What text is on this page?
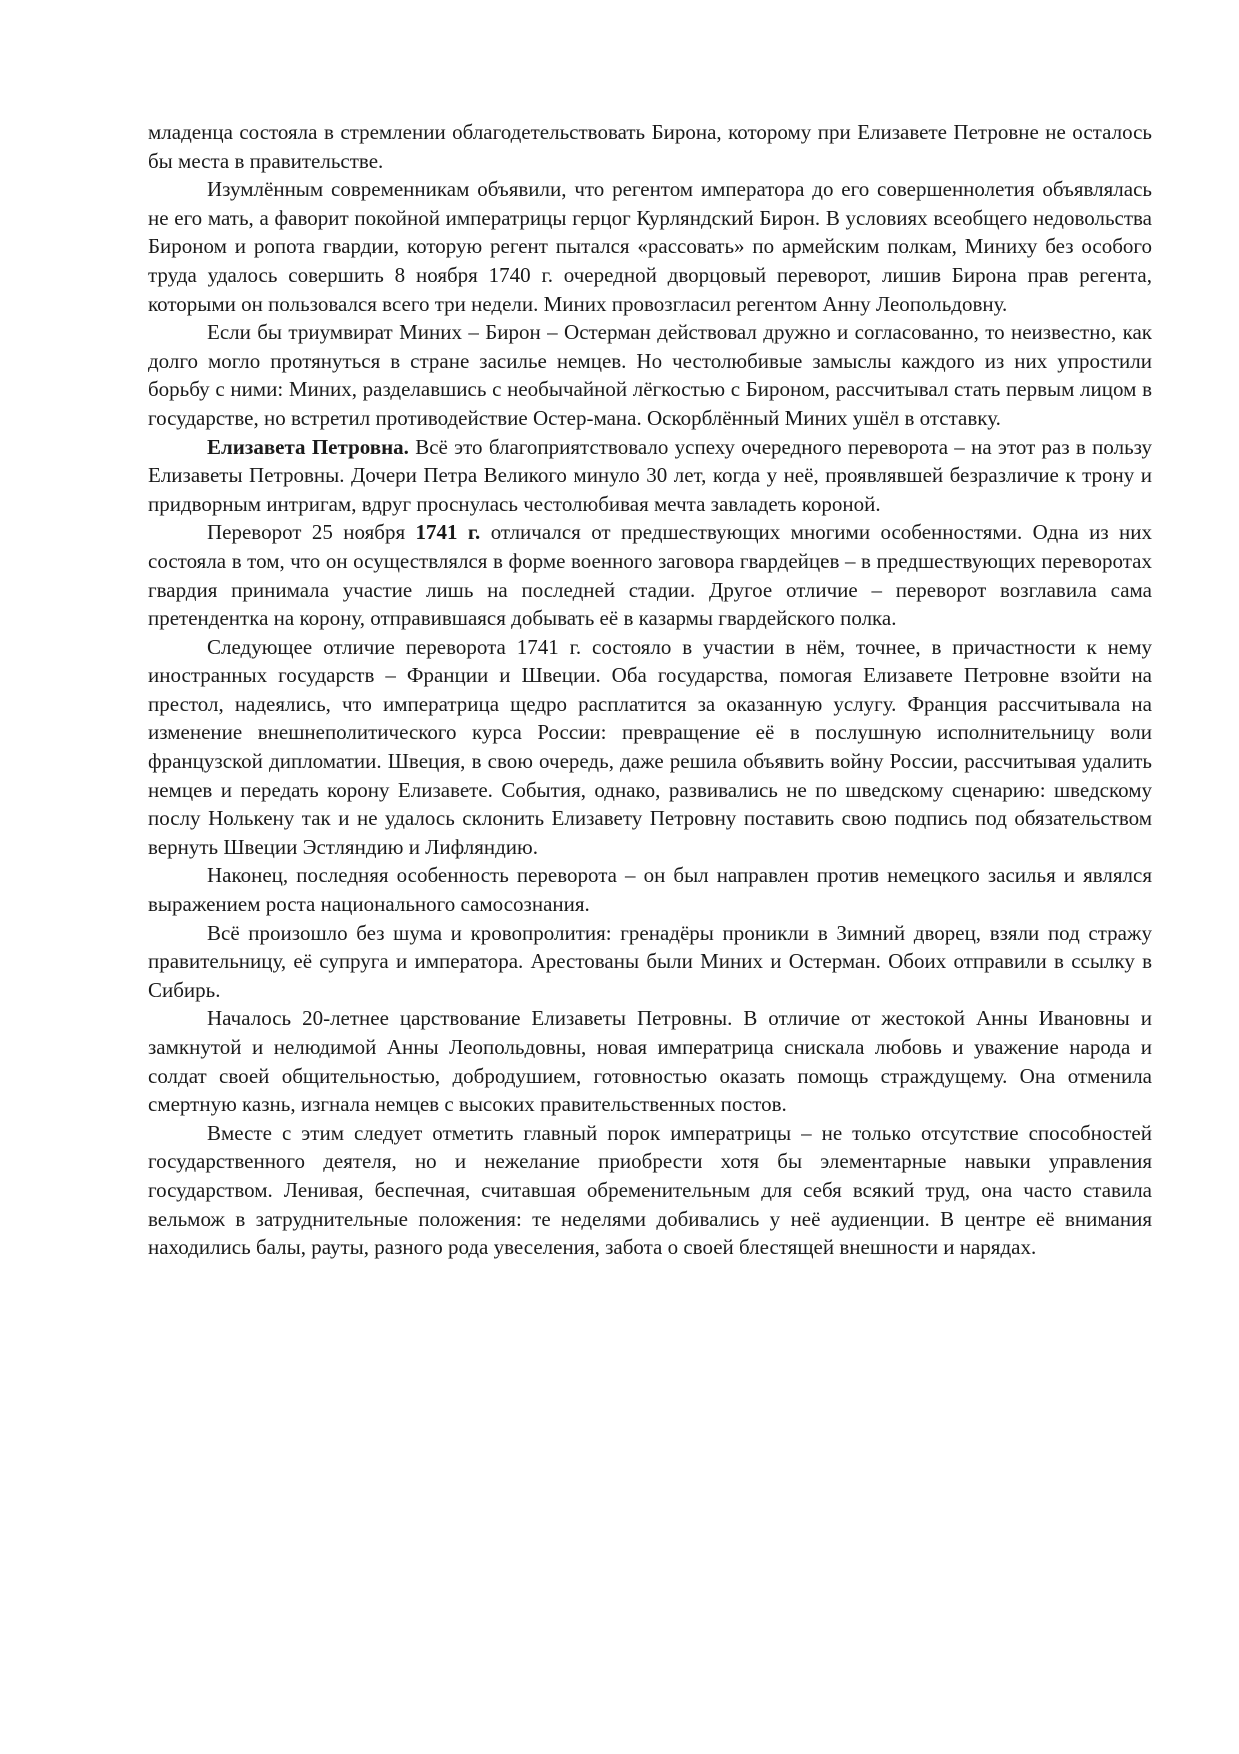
младенца состояла в стремлении облагодетельствовать Бирона, которому при Елизавете Петровне не осталось бы места в правительстве.

Изумлённым современникам объявили, что регентом императора до его совершеннолетия объявлялась не его мать, а фаворит покойной императрицы герцог Курляндский Бирон. В условиях всеобщего недовольства Бироном и ропота гвардии, которую регент пытался «рассовать» по армейским полкам, Миниху без особого труда удалось совершить 8 ноября 1740 г. очередной дворцовый переворот, лишив Бирона прав регента, которыми он пользовался всего три недели. Миних провозгласил регентом Анну Леопольдовну.

Если бы триумвират Миних – Бирон – Остерман действовал дружно и согласованно, то неизвестно, как долго могло протянуться в стране засилье немцев. Но честолюбивые замыслы каждого из них упростили борьбу с ними: Миних, разделавшись с необычайной лёгкостью с Бироном, рассчитывал стать первым лицом в государстве, но встретил противодействие Остер-мана. Оскорблённый Миних ушёл в отставку.

Елизавета Петровна. Всё это благоприятствовало успеху очередного переворота – на этот раз в пользу Елизаветы Петровны. Дочери Петра Великого минуло 30 лет, когда у неё, проявлявшей безразличие к трону и придворным интригам, вдруг проснулась честолюбивая мечта завладеть короной.

Переворот 25 ноября 1741 г. отличался от предшествующих многими особенностями. Одна из них состояла в том, что он осуществлялся в форме военного заговора гвардейцев – в предшествующих переворотах гвардия принимала участие лишь на последней стадии. Другое отличие – переворот возглавила сама претендентка на корону, отправившаяся добывать её в казармы гвардейского полка.

Следующее отличие переворота 1741 г. состояло в участии в нём, точнее, в причастности к нему иностранных государств – Франции и Швеции. Оба государства, помогая Елизавете Петровне взойти на престол, надеялись, что императрица щедро расплатится за оказанную услугу. Франция рассчитывала на изменение внешнеполитического курса России: превращение её в послушную исполнительницу воли французской дипломатии. Швеция, в свою очередь, даже решила объявить войну России, рассчитывая удалить немцев и передать корону Елизавете. События, однако, развивались не по шведскому сценарию: шведскому послу Нолькену так и не удалось склонить Елизавету Петровну поставить свою подпись под обязательством вернуть Швеции Эстляндию и Лифляндию.

Наконец, последняя особенность переворота – он был направлен против немецкого засилья и являлся выражением роста национального самосознания.

Всё произошло без шума и кровопролития: гренадёры проникли в Зимний дворец, взяли под стражу правительницу, её супруга и императора. Арестованы были Миних и Остерман. Обоих отправили в ссылку в Сибирь.

Началось 20-летнее царствование Елизаветы Петровны. В отличие от жестокой Анны Ивановны и замкнутой и нелюдимой Анны Леопольдовны, новая императрица снискала любовь и уважение народа и солдат своей общительностью, добродушием, готовностью оказать помощь страждущему. Она отменила смертную казнь, изгнала немцев с высоких правительственных постов.

Вместе с этим следует отметить главный порок императрицы – не только отсутствие способностей государственного деятеля, но и нежелание приобрести хотя бы элементарные навыки управления государством. Ленивая, беспечная, считавшая обременительным для себя всякий труд, она часто ставила вельмож в затруднительные положения: те неделями добивались у неё аудиенции. В центре её внимания находились балы, рауты, разного рода увеселения, забота о своей блестящей внешности и нарядах.
